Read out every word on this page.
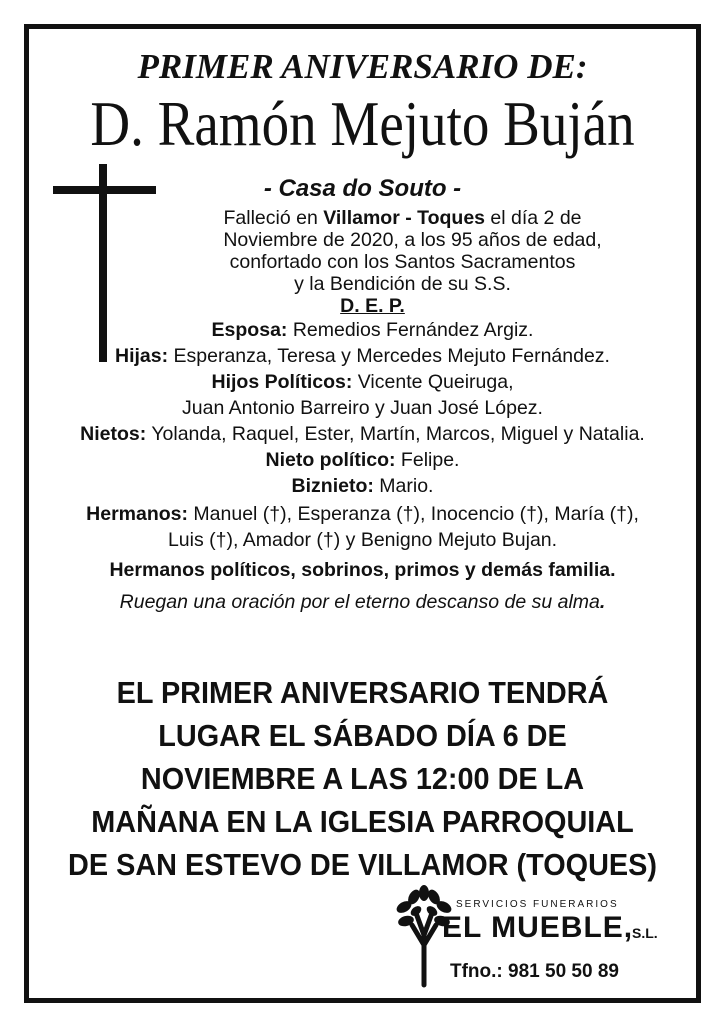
PRIMER ANIVERSARIO DE:
D. Ramón Mejuto Buján
- Casa do Souto -
Falleció en Villamor - Toques el día 2 de
Noviembre de 2020, a los 95 años de edad,
confortado con los Santos Sacramentos
y la Bendición de su S.S.
D. E. P.
Esposa: Remedios Fernández Argiz.
Hijas: Esperanza, Teresa y Mercedes Mejuto Fernández.
Hijos Políticos: Vicente Queiruga,
Juan Antonio Barreiro y Juan José López.
Nietos: Yolanda, Raquel, Ester, Martín, Marcos, Miguel y Natalia.
Nieto político: Felipe.
Biznieto: Mario.
Hermanos: Manuel (†), Esperanza (†), Inocencio (†), María (†),
Luis (†), Amador (†) y Benigno Mejuto Bujan.
Hermanos políticos, sobrinos, primos y demás familia.
Ruegan una oración por el eterno descanso de su alma.
EL PRIMER ANIVERSARIO TENDRÁ
LUGAR EL SÁBADO DÍA 6 DE
NOVIEMBRE A LAS 12:00 DE LA
MAÑANA EN LA IGLESIA PARROQUIAL
DE SAN ESTEVO DE VILLAMOR (TOQUES)
SERVICIOS FUNERARIOS
EL MUEBLE,
S.L.
Tfno.: 981 50 50 89
